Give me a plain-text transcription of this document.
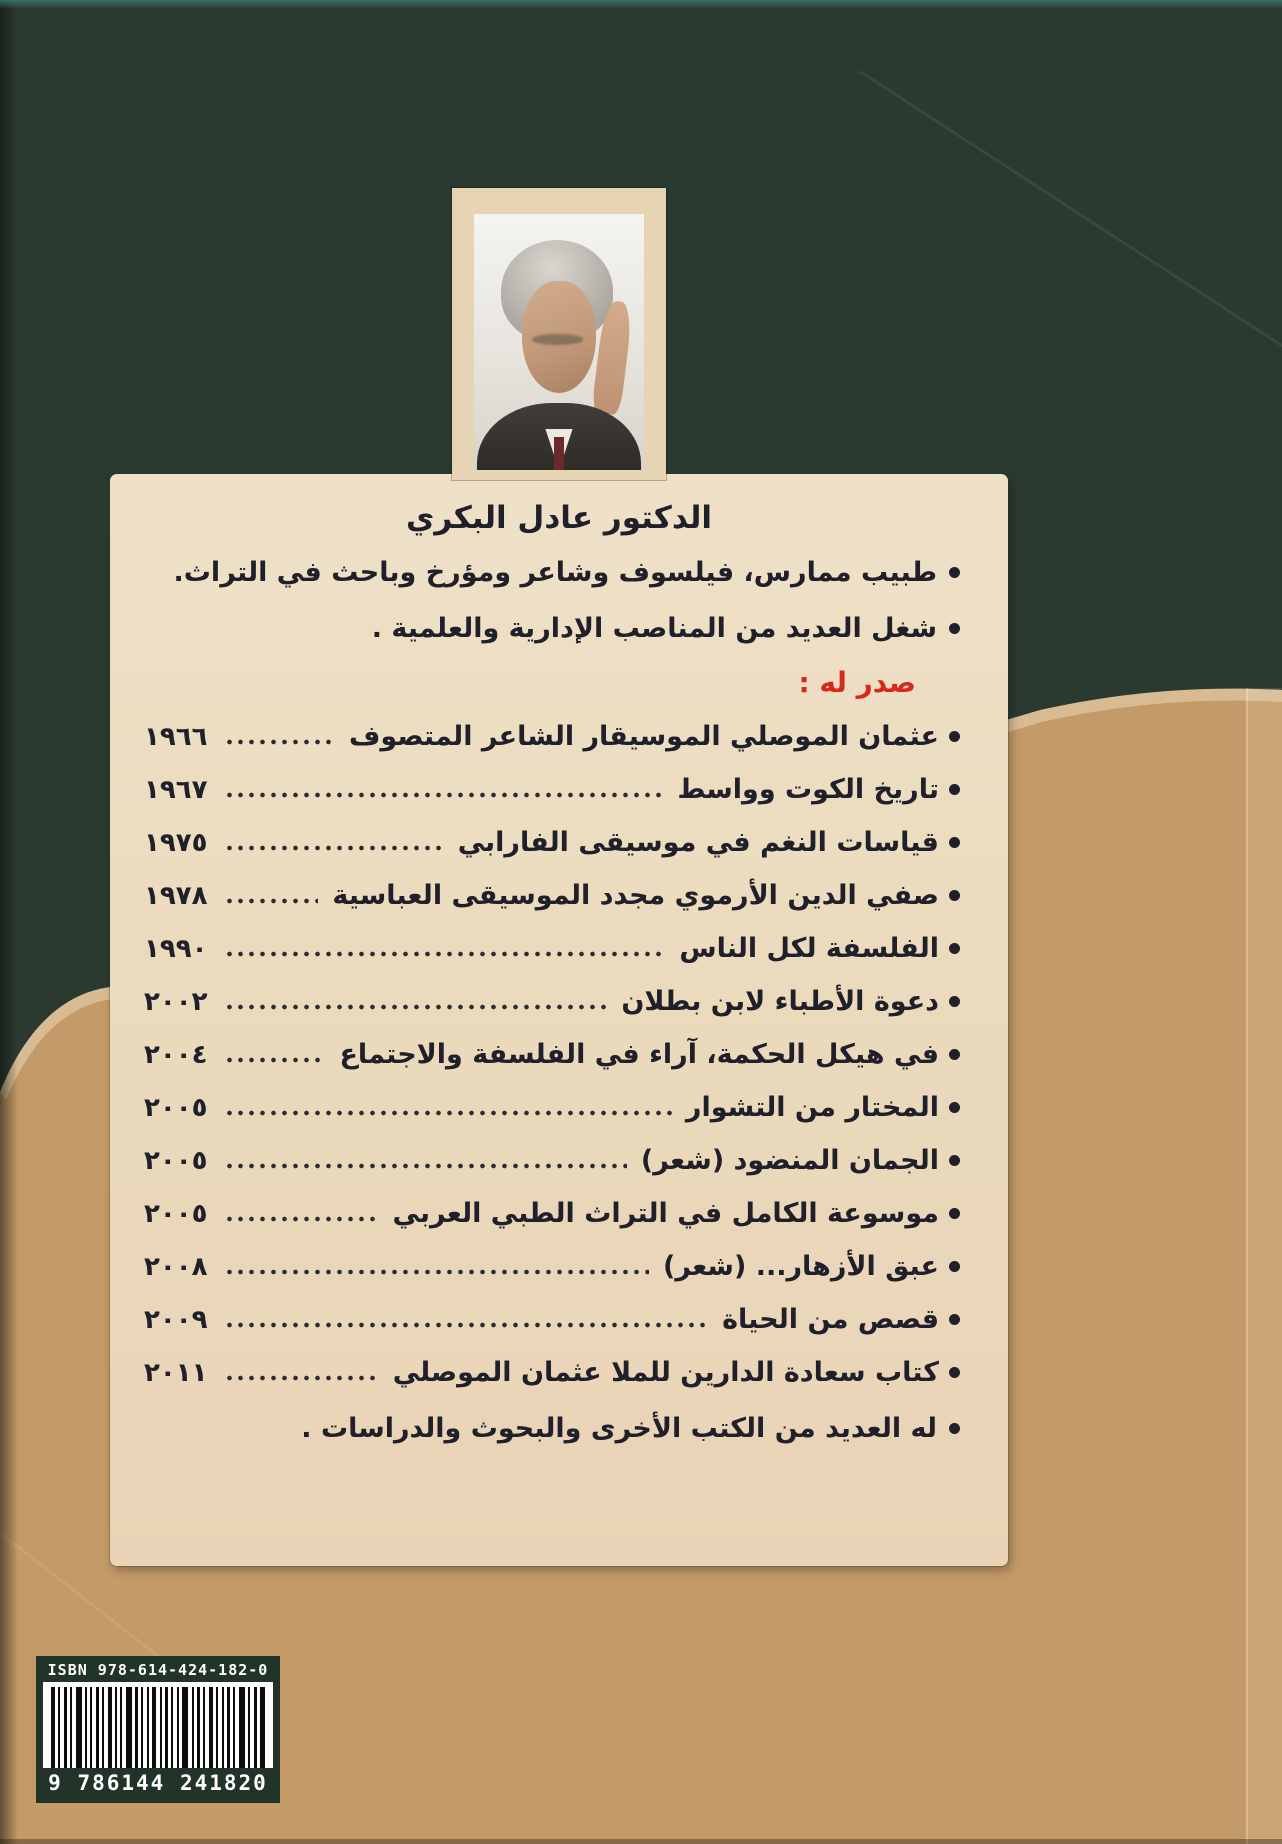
الدكتور عادل البكري
طبيب ممارس، فيلسوف وشاعر ومؤرخ وباحث في التراث.
شغل العديد من المناصب الإدارية والعلمية .
صدر له :
عثمان الموصلي الموسيقار الشاعر المتصوف
١٩٦٦
تاريخ الكوت وواسط
١٩٦٧
قياسات النغم في موسيقى الفارابي
١٩٧٥
صفي الدين الأرموي مجدد الموسيقى العباسية
١٩٧٨
الفلسفة لكل الناس
١٩٩٠
دعوة الأطباء لابن بطلان
٢٠٠٢
في هيكل الحكمة، آراء في الفلسفة والاجتماع
٢٠٠٤
المختار من التشوار
٢٠٠٥
الجمان المنضود (شعر)
٢٠٠٥
موسوعة الكامل في التراث الطبي العربي
٢٠٠٥
عبق الأزهار... (شعر)
٢٠٠٨
قصص من الحياة
٢٠٠٩
كتاب سعادة الدارين للملا عثمان الموصلي
٢٠١١
له العديد من الكتب الأخرى والبحوث والدراسات .
ISBN 978-614-424-182-0
9 786144 241820
